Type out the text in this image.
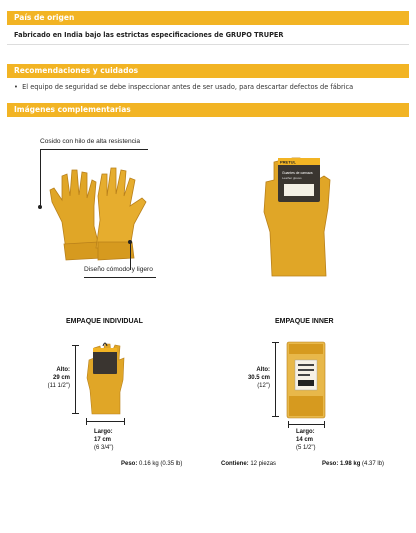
País de origen
Fabricado en India bajo las estrictas especificaciones de GRUPO TRUPER
Recomendaciones y cuidados
• El equipo de seguridad se debe inspeccionar antes de ser usado, para descartar defectos de fábrica
Imágenes complementarias
Cosido con hilo de alta resistencia
Diseño cómodo y ligero
PRETUL
Guantes de carnaza
Leather gloves
EMPAQUE INDIVIDUAL
Alto:
29 cm
(11 1/2")
Largo:
17 cm
(6 3/4")
EMPAQUE INNER
Alto:
30.5 cm
(12")
Largo:
14 cm
(5 1/2")
Peso: 0.16 kg (0.35 lb)	Contiene: 12 piezas	Peso: 1.98 kg (4.37 lb)
